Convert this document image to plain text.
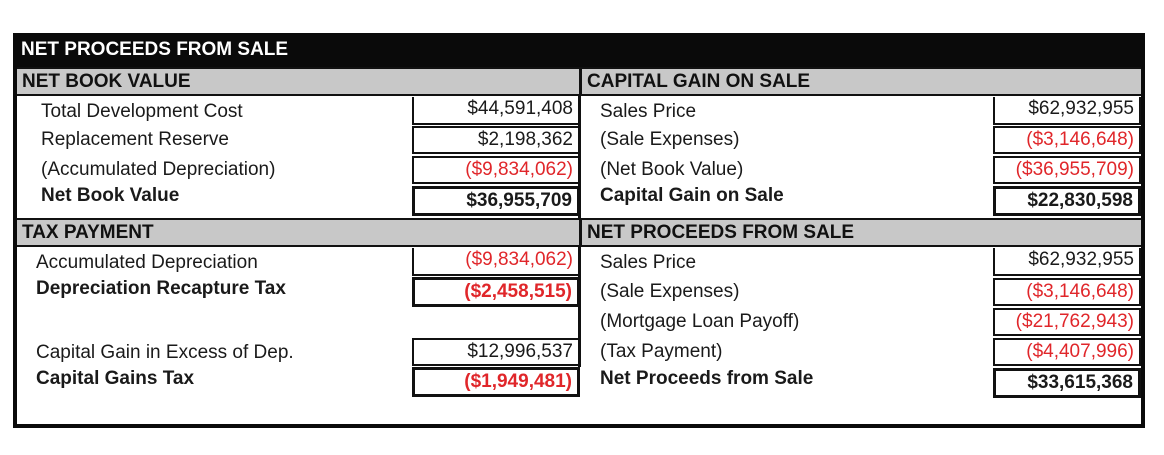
NET PROCEEDS FROM SALE
NET BOOK VALUE	CAPITAL GAIN ON SALE
TAX PAYMENT	NET PROCEEDS FROM SALE
Total Development Cost	$44,591,408
Replacement Reserve	$2,198,362
(Accumulated Depreciation)	($9,834,062)
Net Book Value	$36,955,709
Sales Price	$62,932,955
(Sale Expenses)	($3,146,648)
(Net Book Value)	($36,955,709)
Capital Gain on Sale	$22,830,598
Accumulated Depreciation	($9,834,062)
Depreciation Recapture Tax	($2,458,515)
Capital Gain in Excess of Dep.	$12,996,537
Capital Gains Tax	($1,949,481)
Sales Price	$62,932,955
(Sale Expenses)	($3,146,648)
(Mortgage Loan Payoff)	($21,762,943)
(Tax Payment)	($4,407,996)
Net Proceeds from Sale	$33,615,368
